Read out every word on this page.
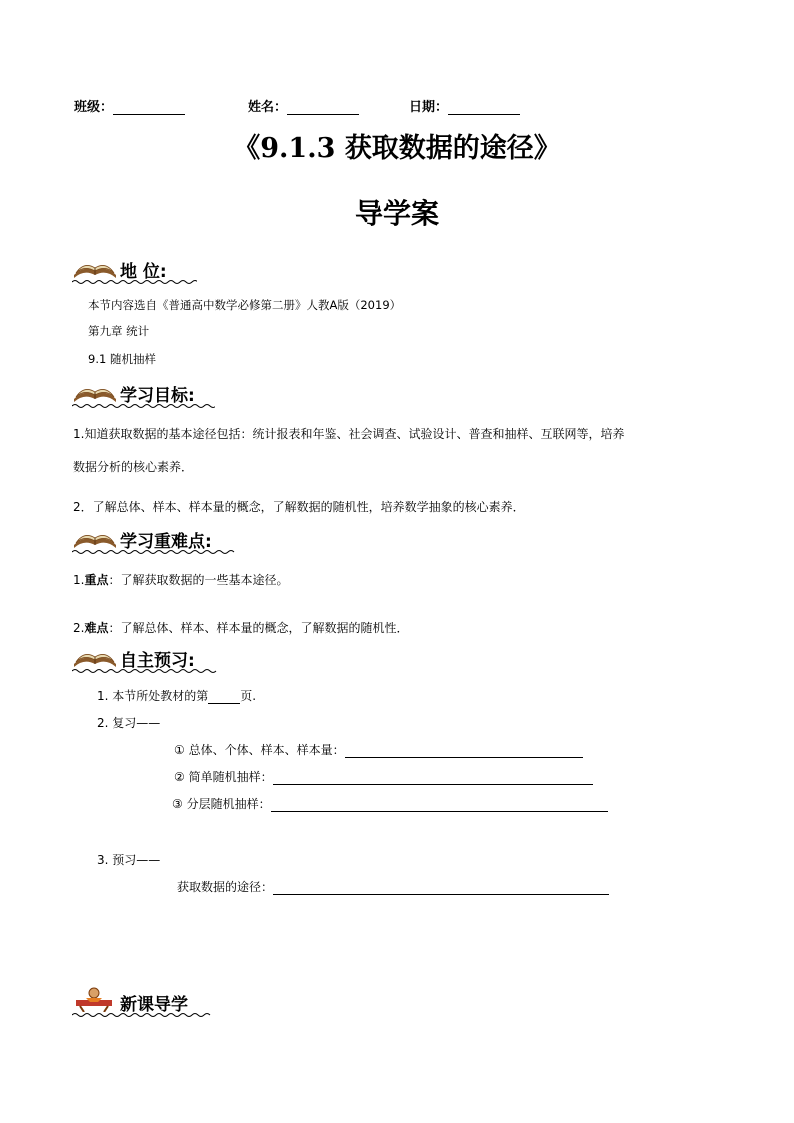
班级：	姓名：	日期：
《9.1.3 获取数据的途径》
导学案
地 位:
本节内容选自《普通高中数学必修第二册》人教A版（2019）
第九章 统计
9.1 随机抽样
学习目标:
1.知道获取数据的基本途径包括：统计报表和年鉴、社会调查、试验设计、普查和抽样、互联网等，培养
数据分析的核心素养．
2．了解总体、样本、样本量的概念，了解数据的随机性，培养数学抽象的核心素养．
学习重难点:
1.重点：了解获取数据的一些基本途径。
2.难点：了解总体、样本、样本量的概念，了解数据的随机性．
自主预习:
1. 本节所处教材的第	页.
2. 复习——
① 总体、个体、样本、样本量：
② 简单随机抽样：
③ 分层随机抽样：
3. 预习——
获取数据的途径：
新课导学
